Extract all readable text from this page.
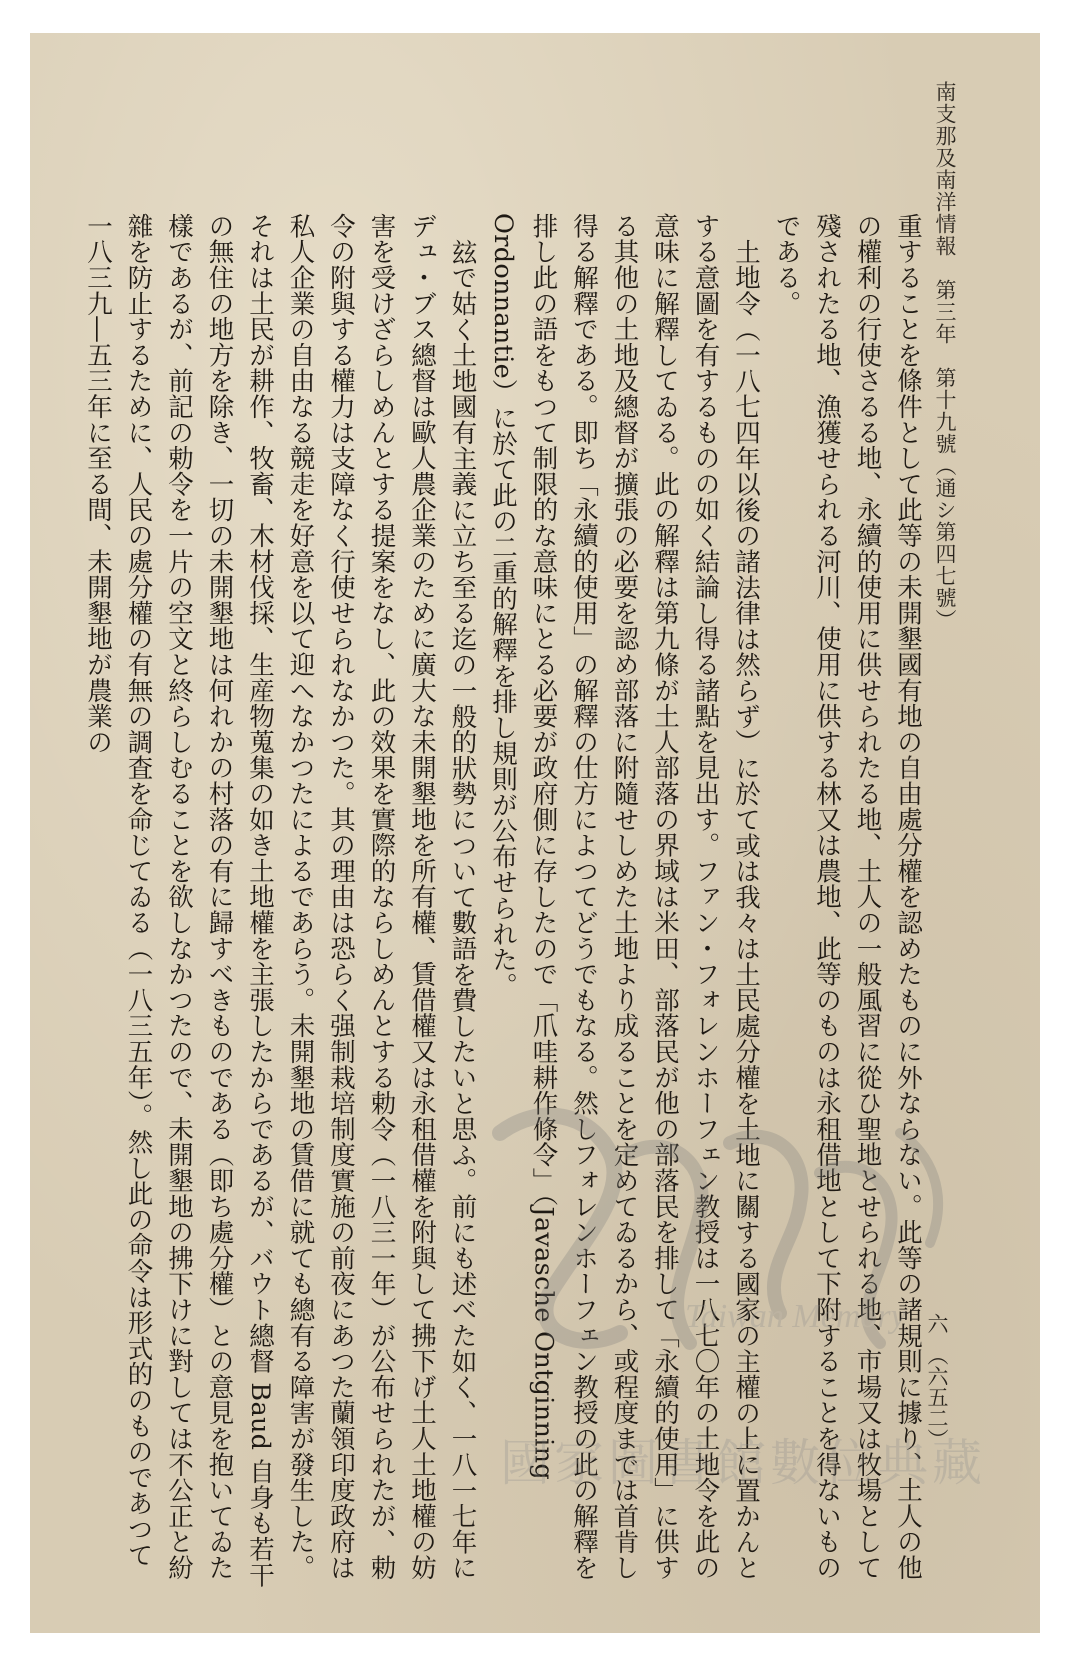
南支那及南洋情報　第三年　第十九號（通シ第四七號）
六　（六五二）

重することを條件として此等の未開墾國有地の自由處分權を認めたものに外ならない。此等の諸規則に據り、土人の他の權利の行使さるる地、永續的使用に供せられたる地、土人の一般風習に從ひ聖地とせられる地、市場又は牧場として殘されたる地、漁獲せられる河川、使用に供する林又は農地、此等のものは永租借地として下附することを得ないものである。

土地令（一八七四年以後の諸法律は然らず）に於て或は我々は土民處分權を土地に關する國家の主權の上に置かんとする意圖を有するものの如く結論し得る諸點を見出す。ファン・フォレンホーフェン教授は一八七〇年の土地令を此の意味に解釋してゐる。此の解釋は第九條が土人部落の界域は米田、部落民が他の部落民を排して「永續的使用」に供する其他の土地及總督が擴張の必要を認め部落に附隨せしめた土地より成ることを定めてゐるから、或程度までは首肯し得る解釋である。即ち「永續的使用」の解釋の仕方によつてどうでもなる。然しフォレンホーフェン教授の此の解釋を排し此の語をもつて制限的な意味にとる必要が政府側に存したので「爪哇耕作條令」（Javasche Ontginning Ordonnantie）に於て此の二重的解釋を排し規則が公布せられた。

玆で姑く土地國有主義に立ち至る迄の一般的狀勢について數語を費したいと思ふ。前にも述べた如く、一八一七年にデュ・ブス總督は歐人農企業のために廣大な未開墾地を所有權、賃借權又は永租借權を附與して拂下げ土人土地權の妨害を受けざらしめんとする提案をなし、此の效果を實際的ならしめんとする勅令（一八三一年）が公布せられたが、勅令の附與する權力は支障なく行使せられなかつた。其の理由は恐らく强制栽培制度實施の前夜にあつた蘭領印度政府は私人企業の自由なる競走を好意を以て迎へなかつたによるであらう。未開墾地の賃借に就ても總有る障害が發生した。それは土民が耕作、牧畜、木材伐採、生産物蒐集の如き土地權を主張したからであるが、バウト總督 Baud 自身も若干の無住の地方を除き、一切の未開墾地は何れかの村落の有に歸すべきものである（即ち處分權）との意見を抱いてゐた樣であるが、前記の勅令を一片の空文と終らしむることを欲しなかつたので、未開墾地の拂下けに對しては不公正と紛雜を防止するために、人民の處分權の有無の調査を命じてゐる（一八三五年）。然し此の命令は形式的のものであつて一八三九―五三年に至る間、未開墾地が農業の

Taiwan Memory
國家圖書館數位典藏
